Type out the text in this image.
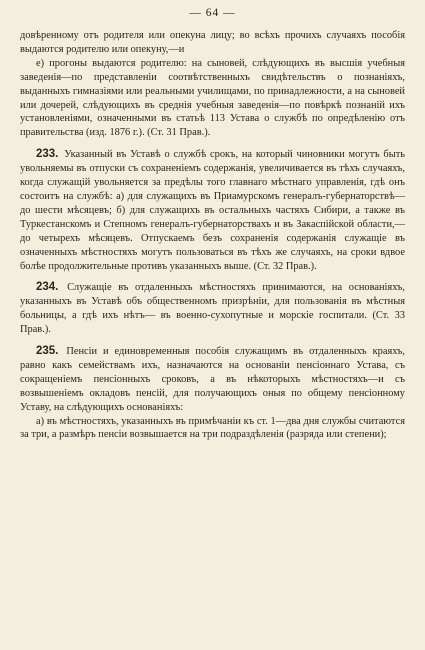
— 64 —

довѣренному отъ родителя или опекуна лицу; во всѣхъ прочихъ случаяхъ пособія выдаются родителю или опекуну,—и

е) прогоны выдаются родителю: на сыновей, слѣдующихъ въ высшія учебныя заведенія—по представленіи соотвѣтственныхъ свидѣтельствъ о познаніяхъ, выданныхъ гимназіями или реальными училищами, по принадлежности, а на сыновей или дочерей, слѣдующихъ въ среднія учебныя заведенія—по повѣркѣ познаній ихъ установленіями, означенными въ статьѣ 113 Устава о службѣ по опредѣленію отъ правительства (изд. 1876 г.). (Ст. 31 Прав.).

233. Указанный въ Уставѣ о службѣ срокъ, на который чиновники могутъ быть увольняемы въ отпуски съ сохраненіемъ содержанія, увеличивается въ тѣхъ случаяхъ, когда служащій увольняется за предѣлы того главнаго мѣстнаго управленія, гдѣ онъ состоитъ на службѣ: а) для служащихъ въ Приамурскомъ генералъ-губернаторствѣ—до шести мѣсяцевъ; б) для служащихъ въ остальныхъ частяхъ Сибири, а также въ Туркестанскомъ и Степномъ генералъ-губернаторствахъ и въ Закаспійской области,—до четырехъ мѣсяцевъ. Отпускаемъ безъ сохраненія содержанія служащіе въ означенныхъ мѣстностяхъ могутъ пользоваться въ тѣхъ же случаяхъ, на сроки вдвое болѣе продолжительные противъ указанныхъ выше. (Ст. 32 Прав.).

234. Служащіе въ отдаленныхъ мѣстностяхъ принимаются, на основаніяхъ, указанныхъ въ Уставѣ объ общественномъ призрѣніи, для пользованія въ мѣстныя больницы, а гдѣ ихъ нѣтъ— въ военно-сухопутные и морскіе госпитали. (Ст. 33 Прав.).

235. Пенсіи и единовременныя пособія служащимъ въ отдаленныхъ краяхъ, равно какъ семействамъ ихъ, назначаются на основаніи пенсіоннаго Устава, съ сокращеніемъ пенсіонныхъ сроковъ, а въ нѣкоторыхъ мѣстностяхъ—и съ возвышеніемъ окладовъ пенсій, для получающихъ оныя по общему пенсіонному Уставу, на слѣдующихъ основаніяхъ:

а) въ мѣстностяхъ, указанныхъ въ примѣчаніи къ ст. 1—два дня службы считаются за три, а размѣръ пенсіи возвышается на три подраздѣленія (разряда или степени);
